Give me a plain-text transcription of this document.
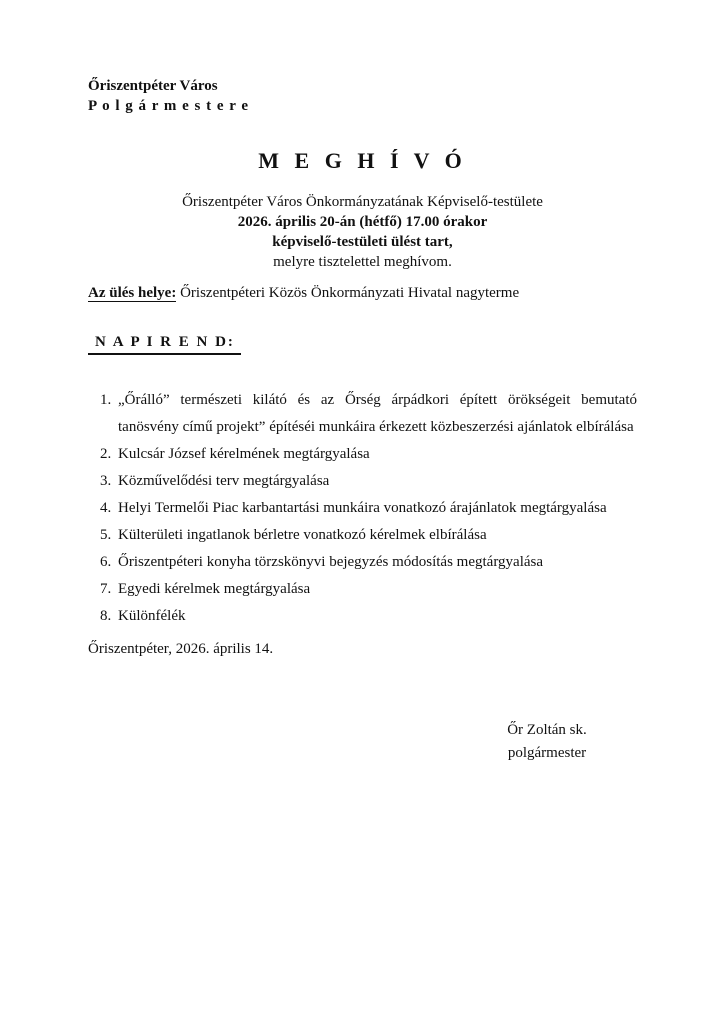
Őriszentpéter Város
P o l g á r m e s t e r e
M E G H Í V Ó
Őriszentpéter Város Önkormányzatának Képviselő-testülete
2026. április 20-án (hétfő) 17.00 órakor
képviselő-testületi ülést tart,
melyre tisztelettel meghívom.
Az ülés helye: Őriszentpéteri Közös Önkormányzati Hivatal nagyterme
N A P I R E N D:
1. „Őrálló” természeti kilátó és az Őrség árpádkori épített örökségeit bemutató tanösvény című projekt” építéséi munkáira érkezett közbeszerzési ajánlatok elbírálása
2. Kulcsár József kérelmének megtárgyalása
3. Közművelődési terv megtárgyalása
4. Helyi Termelői Piac karbantartási munkáira vonatkozó árajánlatok megtárgyalása
5. Külterületi ingatlanok bérletre vonatkozó kérelmek elbírálása
6. Őriszentpéteri konyha törzskönyvi bejegyzés módosítás megtárgyalása
7. Egyedi kérelmek megtárgyalása
8. Különfélék
Őriszentpéter, 2026. április 14.
Őr Zoltán sk.
polgármester
